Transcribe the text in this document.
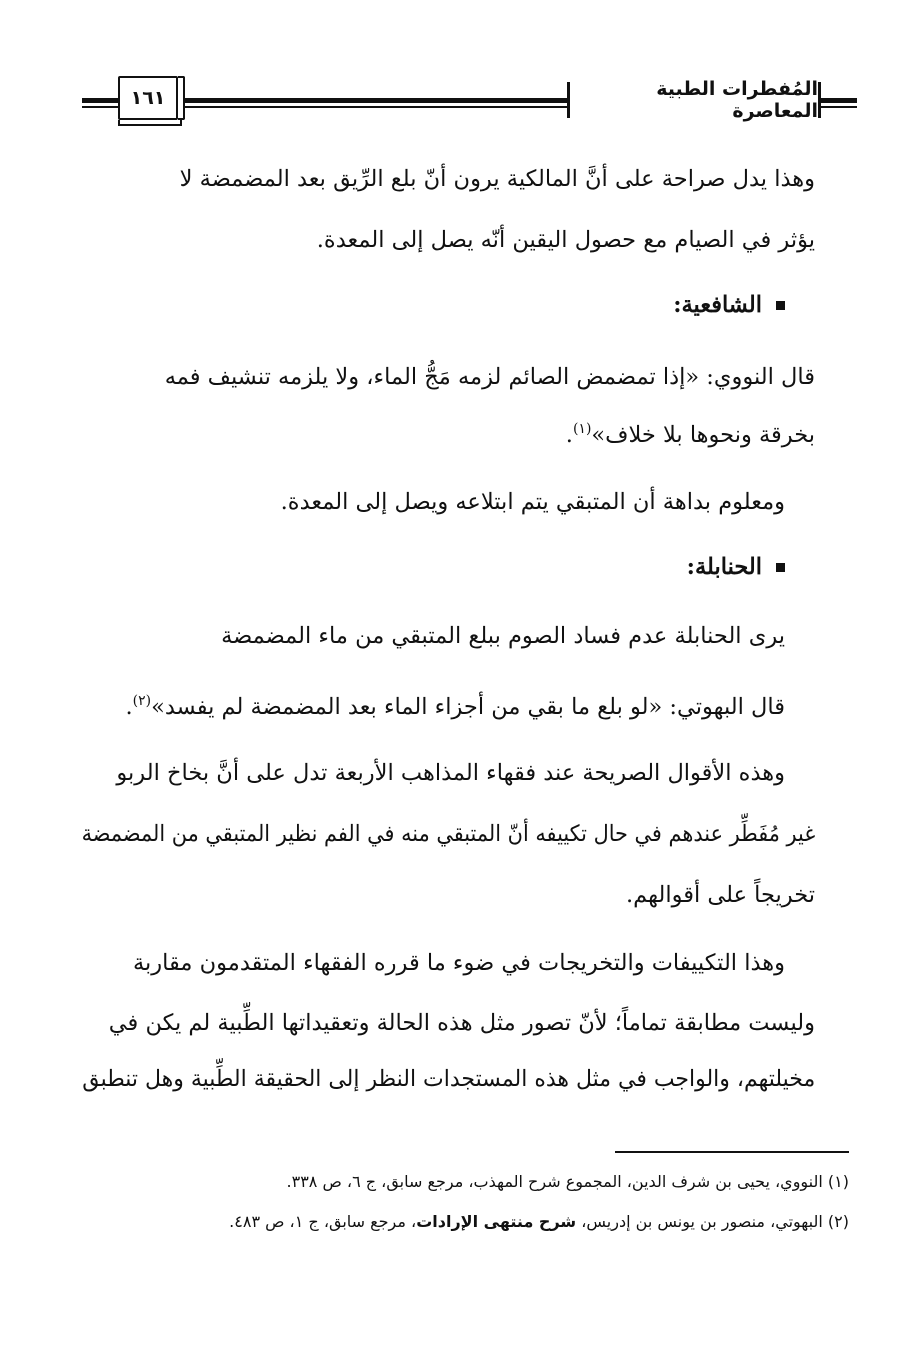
١٦١	المُفطرات الطبية المعاصرة
وهذا يدل صراحة على أنَّ المالكية يرون أنّ بلع الرِّيق بعد المضمضة لا
يؤثر في الصيام مع حصول اليقين أنّه يصل إلى المعدة.
الشافعية:
قال النووي: «إذا تمضمض الصائم لزمه مَجُّ الماء، ولا يلزمه تنشيف فمه
بخرقة ونحوها بلا خلاف»$^{(١)}$.
ومعلوم بداهة أن المتبقي يتم ابتلاعه ويصل إلى المعدة.
الحنابلة:
يرى الحنابلة عدم فساد الصوم ببلع المتبقي من ماء المضمضة
قال البهوتي: «لو بلع ما بقي من أجزاء الماء بعد المضمضة لم يفسد»$^{(٢)}$.
وهذه الأقوال الصريحة عند فقهاء المذاهب الأربعة تدل على أنَّ بخاخ الربو
غير مُفَطِّر عندهم في حال تكييفه أنّ المتبقي منه في الفم نظير المتبقي من المضمضة
تخريجاً على أقوالهم.
وهذا التكييفات والتخريجات في ضوء ما قرره الفقهاء المتقدمون مقاربة
وليست مطابقة تماماً؛ لأنّ تصور مثل هذه الحالة وتعقيداتها الطِّبية لم يكن في
مخيلتهم، والواجب في مثل هذه المستجدات النظر إلى الحقيقة الطِّبية وهل تنطبق
(١) النووي، يحيى بن شرف الدين، المجموع شرح المهذب، مرجع سابق، ج ٦، ص ٣٣٨.
(٢) البهوتي، منصور بن يونس بن إدريس، شرح منتهى الإرادات، مرجع سابق، ج ١، ص ٤٨٣.
